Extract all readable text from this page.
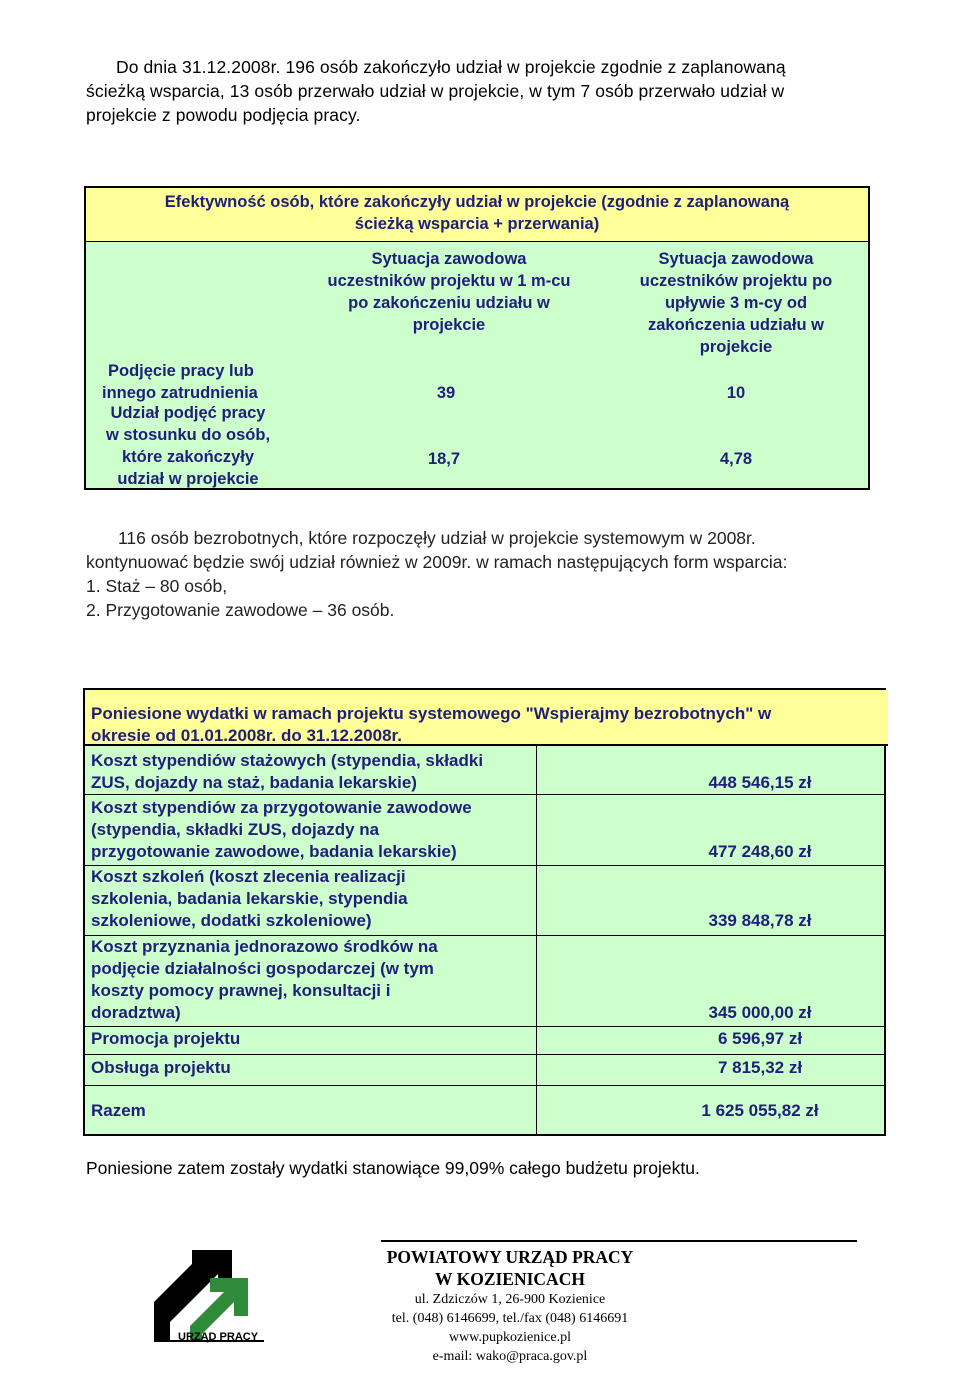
Do dnia 31.12.2008r. 196 osób zakończyło udział w projekcie zgodnie z zaplanowaną

ścieżką wsparcia, 13 osób przerwało udział w projekcie, w tym 7 osób przerwało udział w

projekcie z powodu podjęcia pracy.

Efektywność osób, które zakończyły udział w projekcie (zgodnie z zaplanowaną
ścieżką wsparcia + przerwania)
Sytuacja zawodowa
uczestników projektu w 1 m-cu
po zakończeniu udziału w
projekcie
Sytuacja zawodowa
uczestników projektu po
upływie 3 m-cy od
zakończenia udziału w
projekcie
Podjęcie pracy lub
innego zatrudnienia	39	10
Udział podjęć pracy
w stosunku do osób,
które zakończyły
udział w projekcie
18,7	4,78

116 osób bezrobotnych, które rozpoczęły udział w projekcie systemowym w 2008r.

kontynuować będzie swój udział również w 2009r. w ramach następujących form wsparcia:

1. Staż – 80 osób,

2. Przygotowanie zawodowe – 36 osób.

Poniesione wydatki w ramach projektu systemowego "Wspierajmy bezrobotnych" w
okresie od 01.01.2008r. do 31.12.2008r.
Koszt stypendiów stażowych (stypendia, składki
ZUS, dojazdy na staż, badania lekarskie)	448 546,15 zł
Koszt stypendiów za przygotowanie zawodowe
(stypendia, składki ZUS, dojazdy na
przygotowanie zawodowe, badania lekarskie)	477 248,60 zł
Koszt szkoleń (koszt zlecenia realizacji
szkolenia, badania lekarskie, stypendia
szkoleniowe, dodatki szkoleniowe)	339 848,78 zł
Koszt przyznania jednorazowo środków na
podjęcie działalności gospodarczej (w tym
koszty pomocy prawnej, konsultacji i
doradztwa)	345 000,00 zł
Promocja projektu	6 596,97 zł
Obsługa projektu	7 815,32 zł
Razem	1 625 055,82 zł
Poniesione zatem zostały wydatki stanowiące 99,09% całego budżetu projektu.
URZĄD PRACY
POWIATOWY URZĄD PRACY
W KOZIENICACH
ul. Zdziczów 1, 26-900 Kozienice
tel. (048) 6146699, tel./fax (048) 6146691
www.pupkozienice.pl
e-mail: wako@praca.gov.pl
